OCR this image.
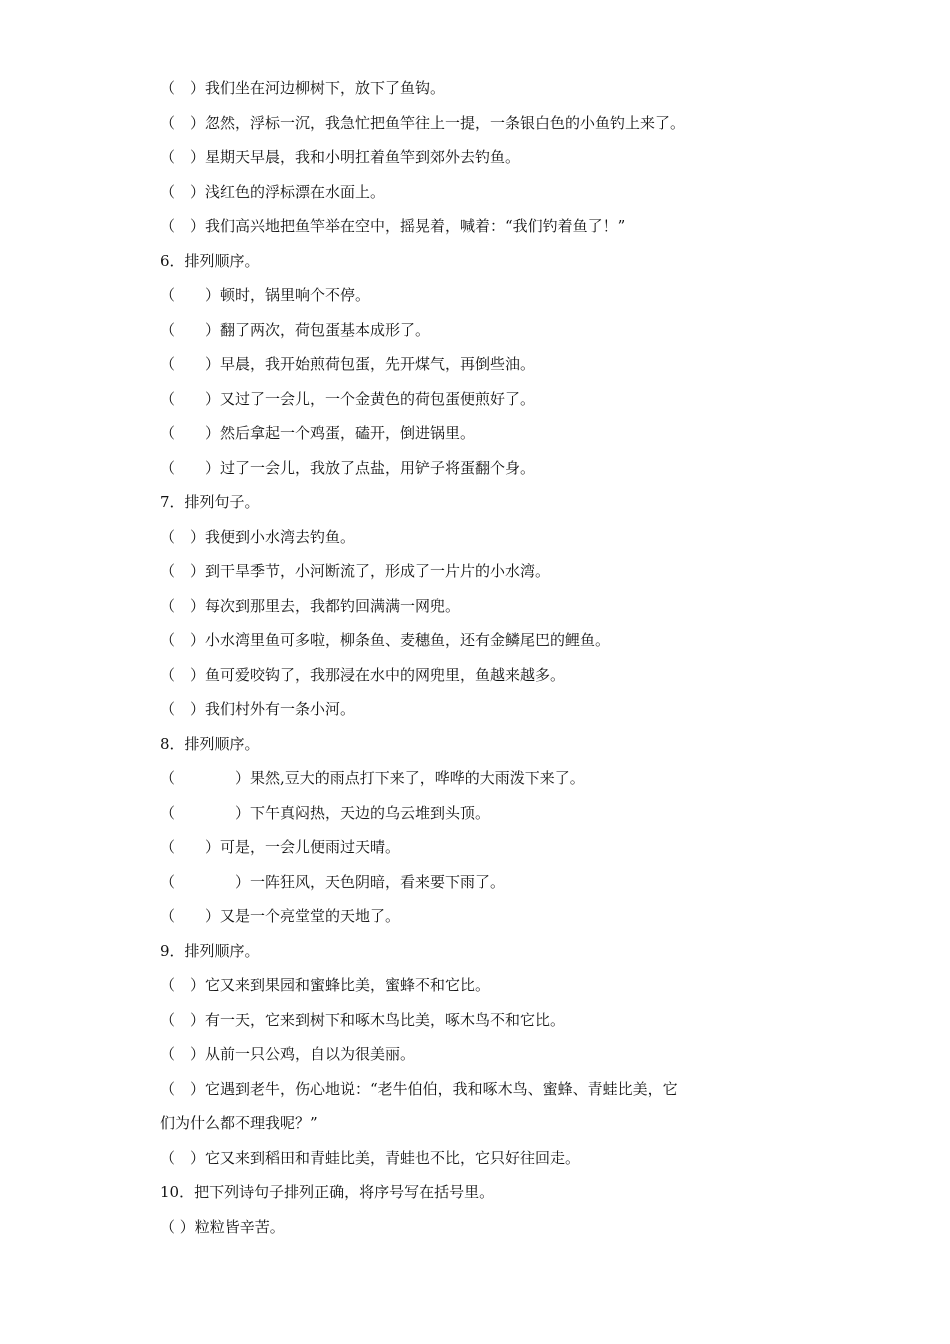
（　）我们坐在河边柳树下，放下了鱼钩。
（　）忽然，浮标一沉，我急忙把鱼竿往上一提，一条银白色的小鱼钓上来了。
（　）星期天早晨，我和小明扛着鱼竿到郊外去钓鱼。
（　）浅红色的浮标漂在水面上。
（　）我们高兴地把鱼竿举在空中，摇晃着，喊着：“我们钓着鱼了！”
6．排列顺序。
（　　）顿时，锅里响个不停。
（　　）翻了两次，荷包蛋基本成形了。
（　　）早晨，我开始煎荷包蛋，先开煤气，再倒些油。
（　　）又过了一会儿，一个金黄色的荷包蛋便煎好了。
（　　）然后拿起一个鸡蛋，磕开，倒进锅里。
（　　）过了一会儿，我放了点盐，用铲子将蛋翻个身。
7．排列句子。
（　）我便到小水湾去钓鱼。
（　）到干旱季节，小河断流了，形成了一片片的小水湾。
（　）每次到那里去，我都钓回满满一网兜。
（　）小水湾里鱼可多啦，柳条鱼、麦穗鱼，还有金鳞尾巴的鲤鱼。
（　）鱼可爱咬钩了，我那浸在水中的网兜里，鱼越来越多。
（　）我们村外有一条小河。
8．排列顺序。
（　　　　）果然,豆大的雨点打下来了，哗哗的大雨泼下来了。
（　　　　）下午真闷热，天边的乌云堆到头顶。
（　　）可是，一会儿便雨过天晴。
（　　　　）一阵狂风，天色阴暗，看来要下雨了。
（　　）又是一个亮堂堂的天地了。
9．排列顺序。
（　）它又来到果园和蜜蜂比美，蜜蜂不和它比。
（　）有一天，它来到树下和啄木鸟比美，啄木鸟不和它比。
（　）从前一只公鸡，自以为很美丽。
（　）它遇到老牛，伤心地说：“老牛伯伯，我和啄木鸟、蜜蜂、青蛙比美，它
们为什么都不理我呢？”
（　）它又来到稻田和青蛙比美，青蛙也不比，它只好往回走。
10．把下列诗句子排列正确，将序号写在括号里。
（ ）粒粒皆辛苦。
